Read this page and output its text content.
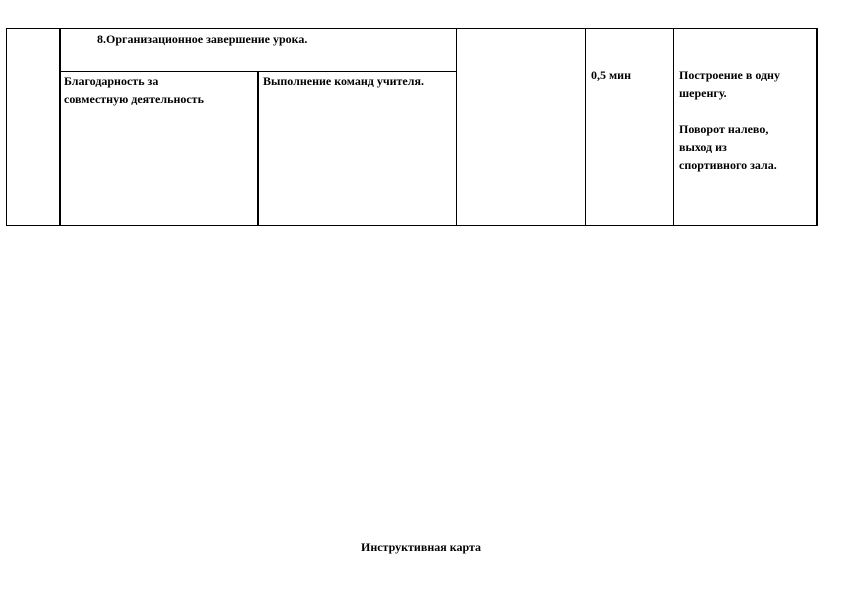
8.Организационное завершение урока.
Благодарность за
совместную деятельность
Выполнение команд учителя.	0,5 мин	Построение в одну
шеренгу.
Поворот налево,
выход из
спортивного зала.
Инструктивная карта
